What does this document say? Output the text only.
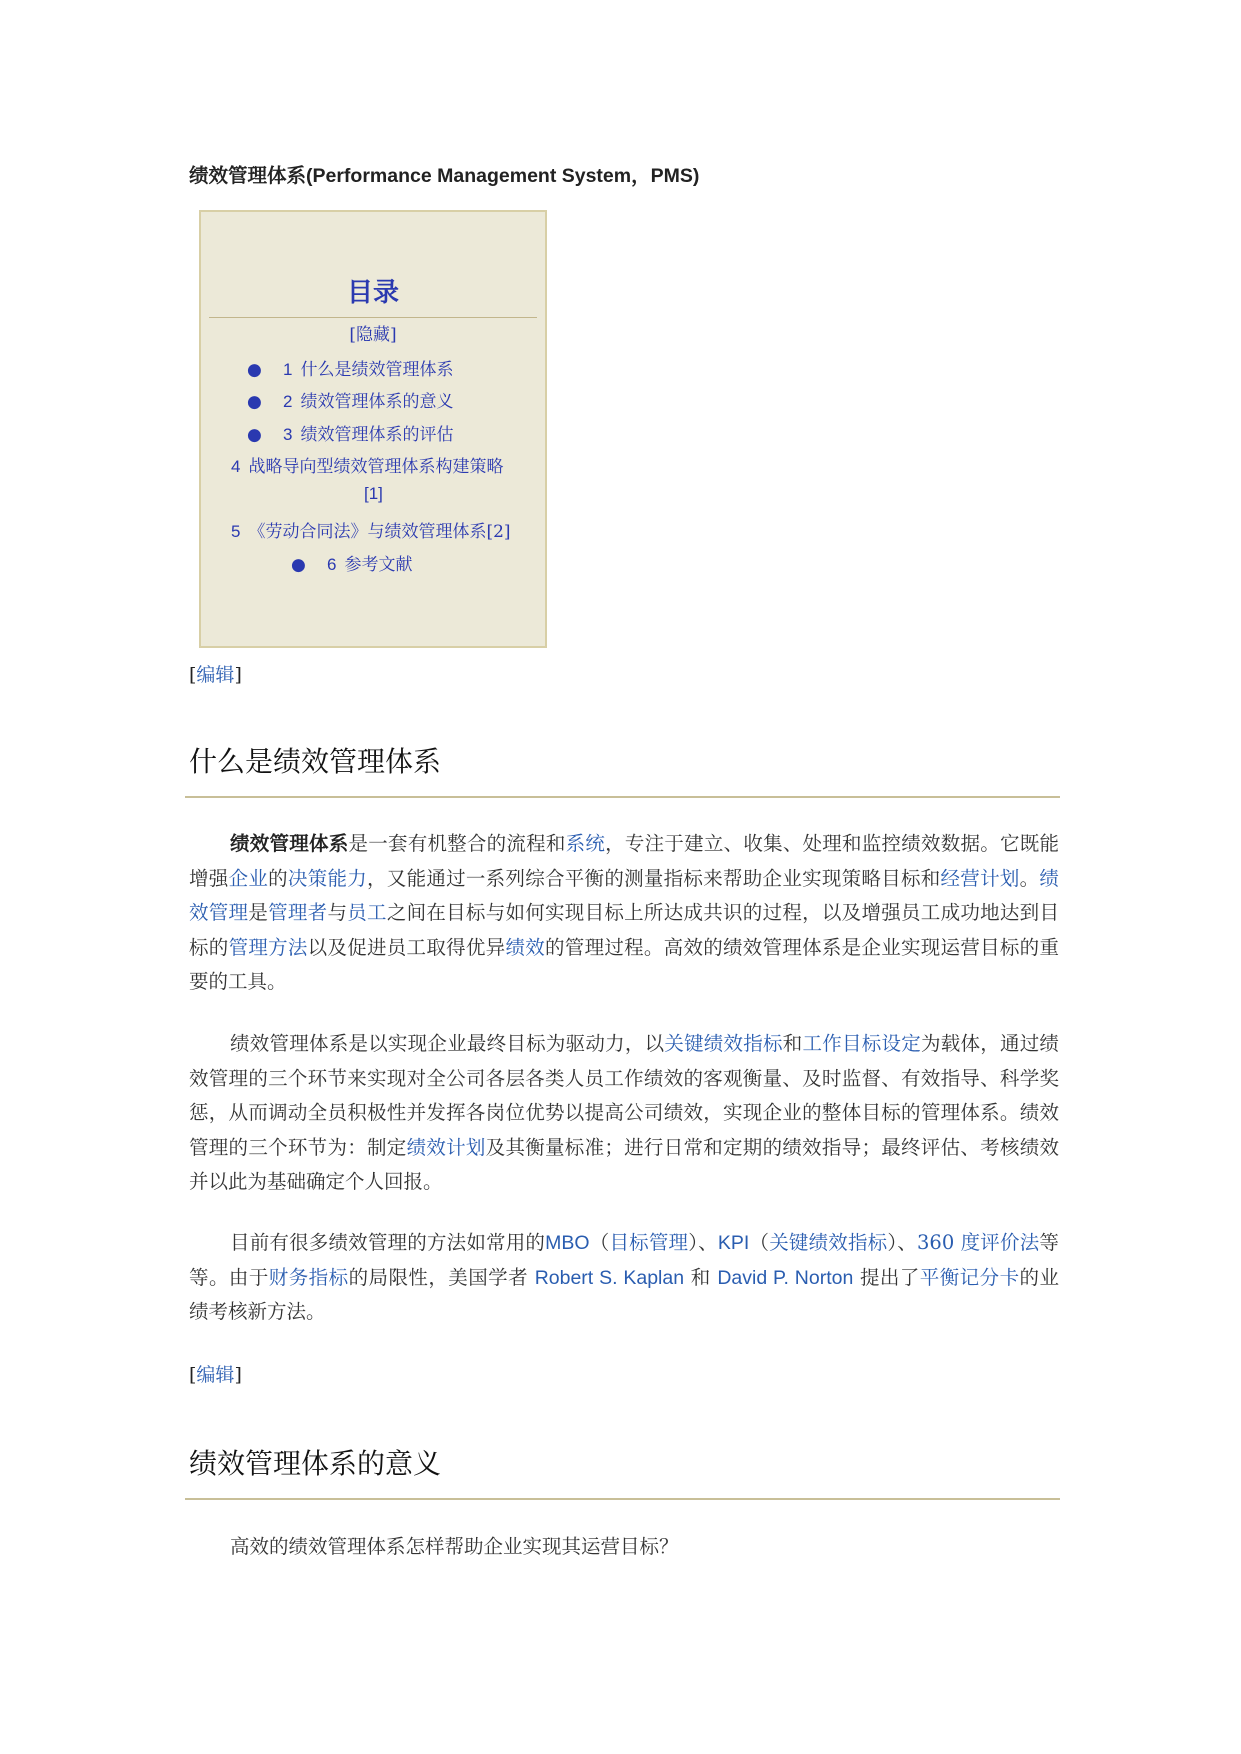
绩效管理体系(Performance Management System，PMS)
目录
[隐藏]
● 1 什么是绩效管理体系
● 2 绩效管理体系的意义
● 3 绩效管理体系的评估
4 战略导向型绩效管理体系构建策略
[1]
5 《劳动合同法》与绩效管理体系[2]
● 6 参考文献
[编辑]
什么是绩效管理体系

绩效管理体系是一套有机整合的流程和系统，专注于建立、收集、处理和监控绩效数据。它既能增强企业的决策能力，又能通过一系列综合平衡的测量指标来帮助企业实现策略目标和经营计划。绩效管理是管理者与员工之间在目标与如何实现目标上所达成共识的过程，以及增强员工成功地达到目标的管理方法以及促进员工取得优异绩效的管理过程。高效的绩效管理体系是企业实现运营目标的重要的工具。

绩效管理体系是以实现企业最终目标为驱动力，以关键绩效指标和工作目标设定为载体，通过绩效管理的三个环节来实现对全公司各层各类人员工作绩效的客观衡量、及时监督、有效指导、科学奖惩，从而调动全员积极性并发挥各岗位优势以提高公司绩效，实现企业的整体目标的管理体系。绩效管理的三个环节为：制定绩效计划及其衡量标准；进行日常和定期的绩效指导；最终评估、考核绩效并以此为基础确定个人回报。

目前有很多绩效管理的方法如常用的MBO（目标管理）、KPI（关键绩效指标）、360 度评价法等等。由于财务指标的局限性，美国学者 Robert S. Kaplan 和 David P. Norton 提出了平衡记分卡的业绩考核新方法。

[编辑]
绩效管理体系的意义

高效的绩效管理体系怎样帮助企业实现其运营目标？
